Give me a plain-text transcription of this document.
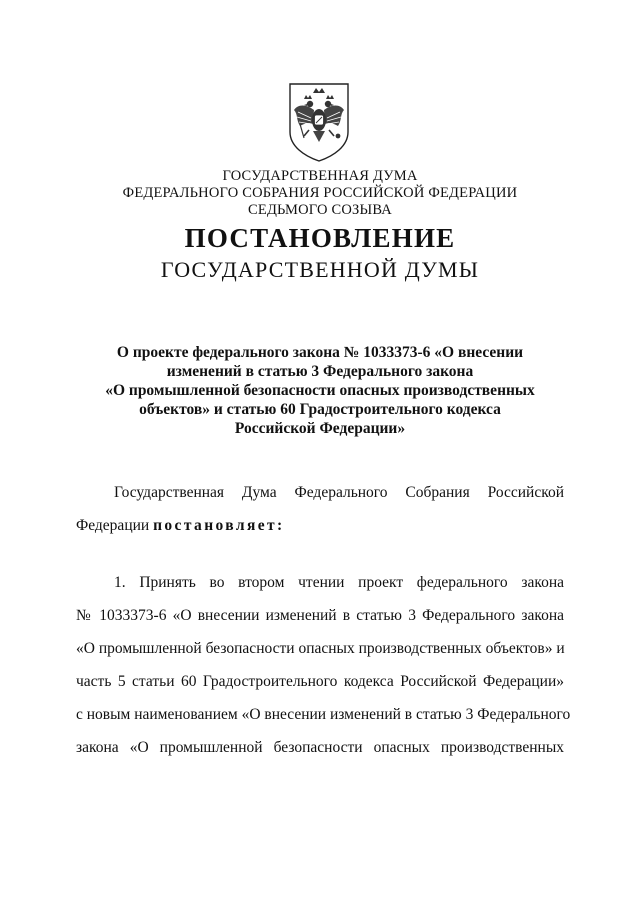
ГОСУДАРСТВЕННАЯ ДУМА
ФЕДЕРАЛЬНОГО СОБРАНИЯ РОССИЙСКОЙ ФЕДЕРАЦИИ
СЕДЬМОГО СОЗЫВА
ПОСТАНОВЛЕНИЕ
ГОСУДАРСТВЕННОЙ ДУМЫ
О проекте федерального закона № 1033373-6 «О внесении
изменений в статью 3 Федерального закона
«О промышленной безопасности опасных производственных
объектов» и статью 60 Градостроительного кодекса
Российской Федерации»
Государственная Дума Федерального Собрания Российской
Федерации постановляет:
1. Принять во втором чтении проект федерального закона
№ 1033373-6 «О внесении изменений в статью 3 Федерального закона
«О промышленной безопасности опасных производственных объектов» и
часть 5 статьи 60 Градостроительного кодекса Российской Федерации»
с новым наименованием «О внесении изменений в статью 3 Федерального
закона «О промышленной безопасности опасных производственных
